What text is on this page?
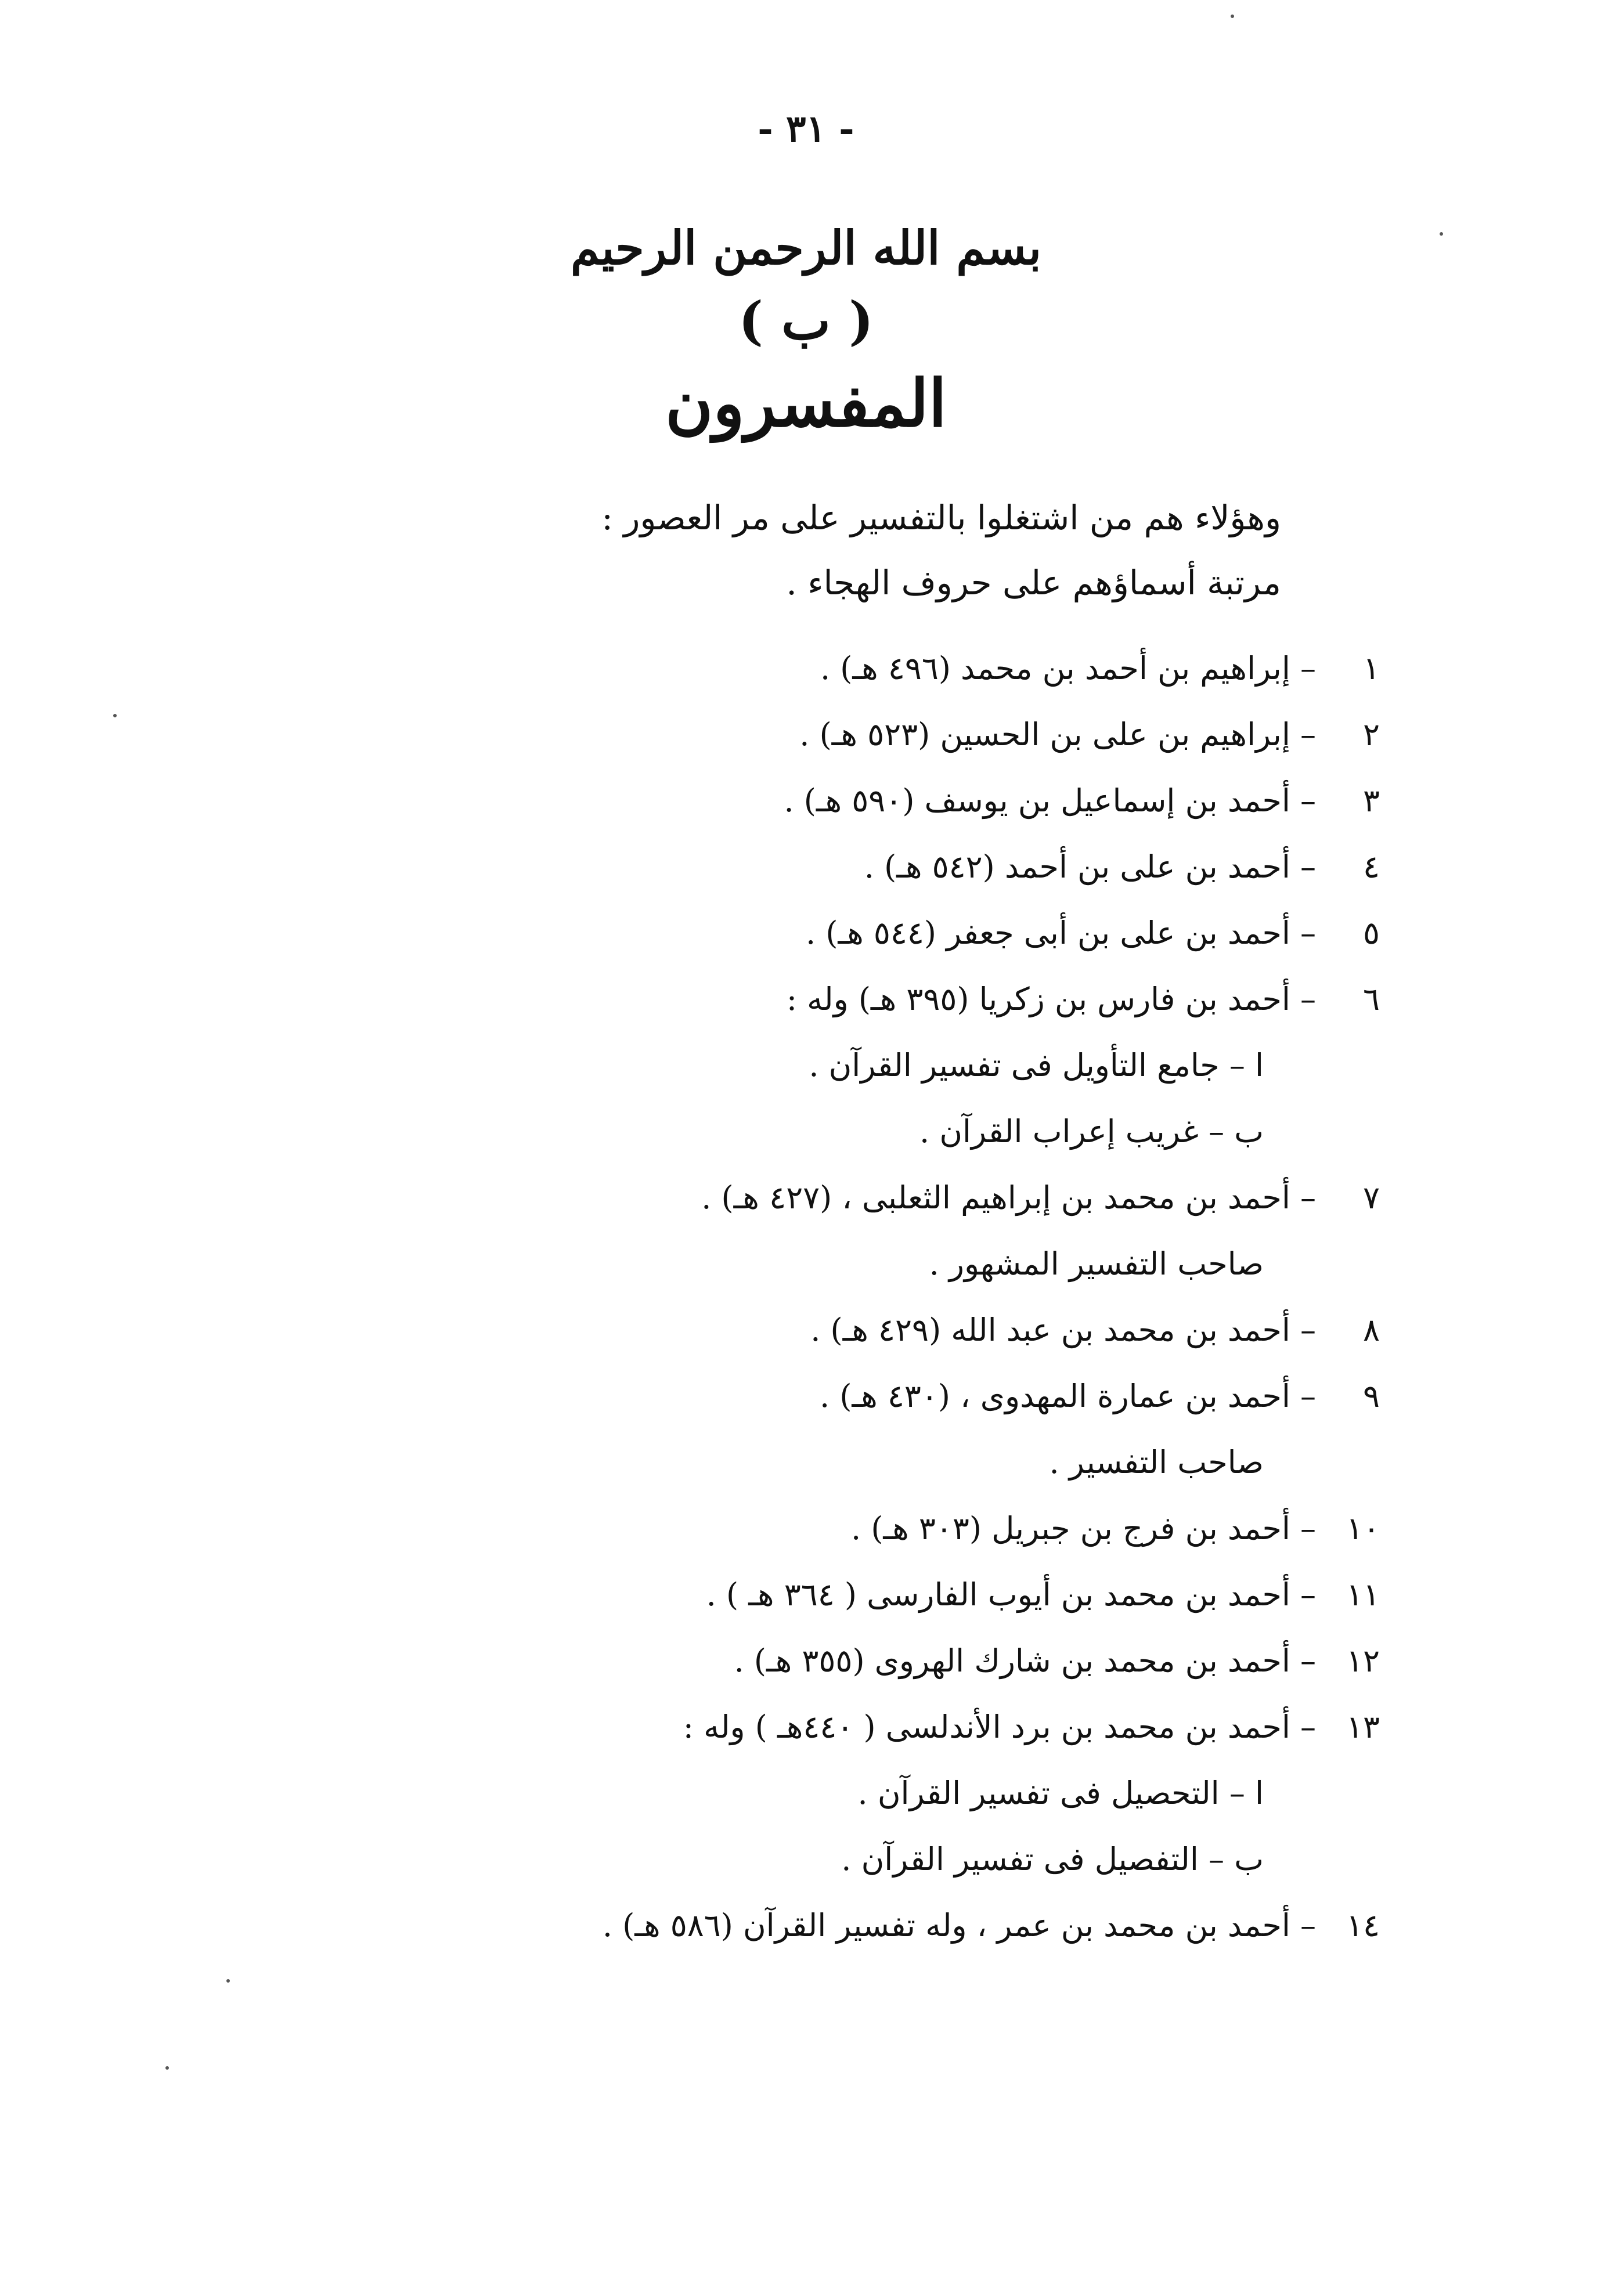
- ٣١ -
بسم الله الرحمن الرحيم
( ب )
المفسرون
وهؤلاء هم من اشتغلوا بالتفسير على مر العصور :
مرتبة أسماؤهم على حروف الهجاء .
١
– إبراهيم بن أحمد بن محمد (٤٩٦ هـ) .
٢
– إبراهيم بن على بن الحسين (٥٢٣ هـ) .
٣
– أحمد بن إسماعيل بن يوسف (٥٩٠ هـ) .
٤
– أحمد بن على بن أحمد (٥٤٢ هـ) .
٥
– أحمد بن على بن أبى جعفر (٥٤٤ هـ) .
٦
– أحمد بن فارس بن زكريا (٣٩٥ هـ) وله :
ا – جامع التأويل فى تفسير القرآن .
ب – غريب إعراب القرآن .
٧
– أحمد بن محمد بن إبراهيم الثعلبى ، (٤٢٧ هـ) .
صاحب التفسير المشهور .
٨
– أحمد بن محمد بن عبد الله (٤٢٩ هـ) .
٩
– أحمد بن عمارة المهدوى ، (٤٣٠ هـ) .
صاحب التفسير .
١٠
– أحمد بن فرج بن جبريل (٣٠٣ هـ) .
١١
– أحمد بن محمد بن أيوب الفارسى ( ٣٦٤ هـ ) .
١٢
– أحمد بن محمد بن شارك الهروى (٣٥٥ هـ) .
١٣
– أحمد بن محمد بن برد الأندلسى ( ٤٤٠هـ ) وله :
ا – التحصيل فى تفسير القرآن .
ب – التفصيل فى تفسير القرآن .
١٤
– أحمد بن محمد بن عمر ، وله تفسير القرآن (٥٨٦ هـ) .
